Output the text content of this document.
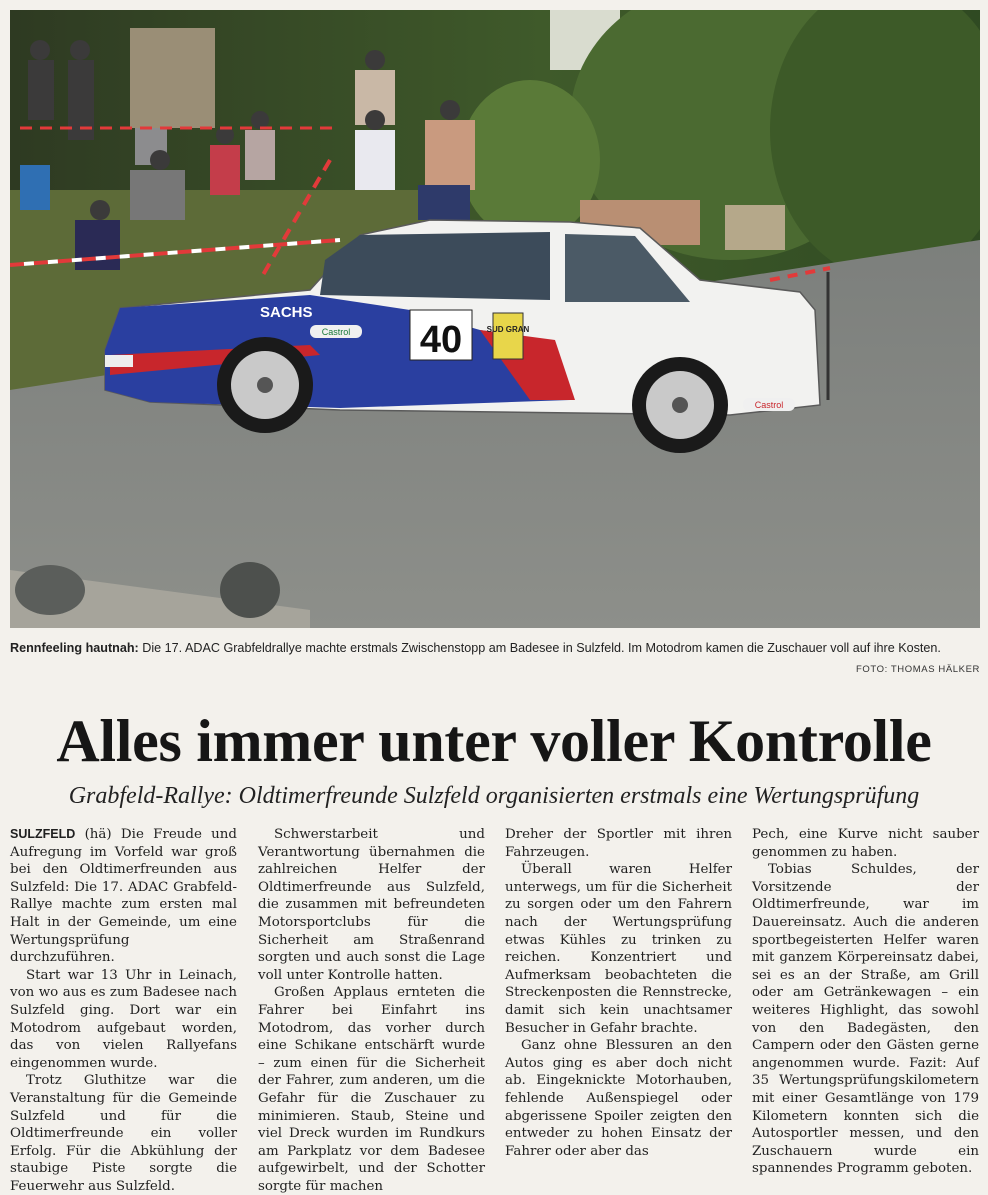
40	SUD GRAN
SACHS
Castrol
Castrol
Rennfeeling hautnah: Die 17. ADAC Grabfeldrallye machte erstmals Zwischenstopp am Badesee in Sulzfeld. Im Motodrom kamen die Zuschauer voll auf ihre Kosten.
FOTO: THOMAS HÄLKER
Alles immer unter voller Kontrolle
Grabfeld-Rallye: Oldtimerfreunde Sulzfeld organisierten erstmals eine Wertungsprüfung

SULZFELD (hä) Die Freude und Aufregung im Vorfeld war groß bei den Oldtimerfreunden aus Sulzfeld: Die 17. ADAC Grabfeld-Rallye machte zum ersten mal Halt in der Gemeinde, um eine Wertungsprüfung durchzuführen.

Start war 13 Uhr in Leinach, von wo aus es zum Badesee nach Sulzfeld ging. Dort war ein Motodrom aufgebaut worden, das von vielen Rallyefans eingenommen wurde.

Trotz Gluthitze war die Veranstaltung für die Gemeinde Sulzfeld und für die Oldtimerfreunde ein voller Erfolg. Für die Abkühlung der staubige Piste sorgte die Feuerwehr aus Sulzfeld.

Schwerstarbeit und Verantwortung übernahmen die zahlreichen Helfer der Oldtimerfreunde aus Sulzfeld, die zusammen mit befreundeten Motorsportclubs für die Sicherheit am Straßenrand sorgten und auch sonst die Lage voll unter Kontrolle hatten.

Großen Applaus ernteten die Fahrer bei Einfahrt ins Motodrom, das vorher durch eine Schikane entschärft wurde – zum einen für die Sicherheit der Fahrer, zum anderen, um die Gefahr für die Zuschauer zu minimieren. Staub, Steine und viel Dreck wurden im Rundkurs am Parkplatz vor dem Badesee aufgewirbelt, und der Schotter sorgte für machen

Dreher der Sportler mit ihren Fahrzeugen.

Überall waren Helfer unterwegs, um für die Sicherheit zu sorgen oder um den Fahrern nach der Wertungsprüfung etwas Kühles zu trinken zu reichen. Konzentriert und Aufmerksam beobachteten die Streckenposten die Rennstrecke, damit sich kein unachtsamer Besucher in Gefahr brachte.

Ganz ohne Blessuren an den Autos ging es aber doch nicht ab. Eingeknickte Motorhauben, fehlende Außenspiegel oder abgerissene Spoiler zeigten den entweder zu hohen Einsatz der Fahrer oder aber das

Pech, eine Kurve nicht sauber genommen zu haben.

Tobias Schuldes, der Vorsitzende der Oldtimerfreunde, war im Dauereinsatz. Auch die anderen sportbegeisterten Helfer waren mit ganzem Körpereinsatz dabei, sei es an der Straße, am Grill oder am Getränkewagen – ein weiteres Highlight, das sowohl von den Badegästen, den Campern oder den Gästen gerne angenommen wurde. Fazit: Auf 35 Wertungsprüfungskilometern mit einer Gesamtlänge von 179 Kilometern konnten sich die Autosportler messen, und den Zuschauern wurde ein spannendes Programm geboten.
